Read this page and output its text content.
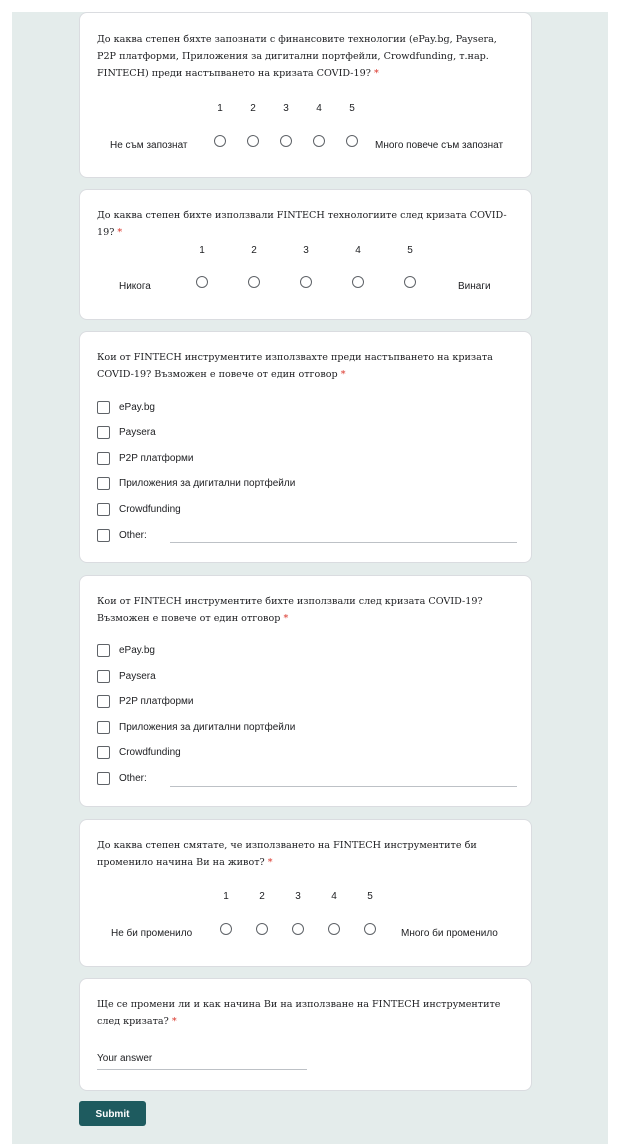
До каква степен бяхте запознати с финансовите технологии (ePay.bg, Paysera, P2P платформи, Приложения за дигитални портфейли, Crowdfunding, т.нар. FINTECH) преди настъпването на кризата COVID-19? *
1	2	3	4	5
Не съм запознат	Много повече съм запознат
До каква степен бихте използвали FINTECH технологиите след кризата COVID-19? *
1	2	3	4	5
Никога	Винаги
Кои от FINTECH инструментите използвахте преди настъпването на кризата COVID-19? Възможен е повече от един отговор *
ePay.bg
Paysera
P2P платформи
Приложения за дигитални портфейли
Crowdfunding
Other:
Кои от FINTECH инструментите бихте използвали след кризата COVID-19? Възможен е повече от един отговор *
ePay.bg
Paysera
P2P платформи
Приложения за дигитални портфейли
Crowdfunding
Other:
До каква степен смятате, че използването на FINTECH инструментите би променило начина Ви на живот? *
1	2	3	4	5
Не би променило	Много би променило
Ще се промени ли и как начина Ви на използване на FINTECH инструментите след кризата? *
Your answer
Submit
